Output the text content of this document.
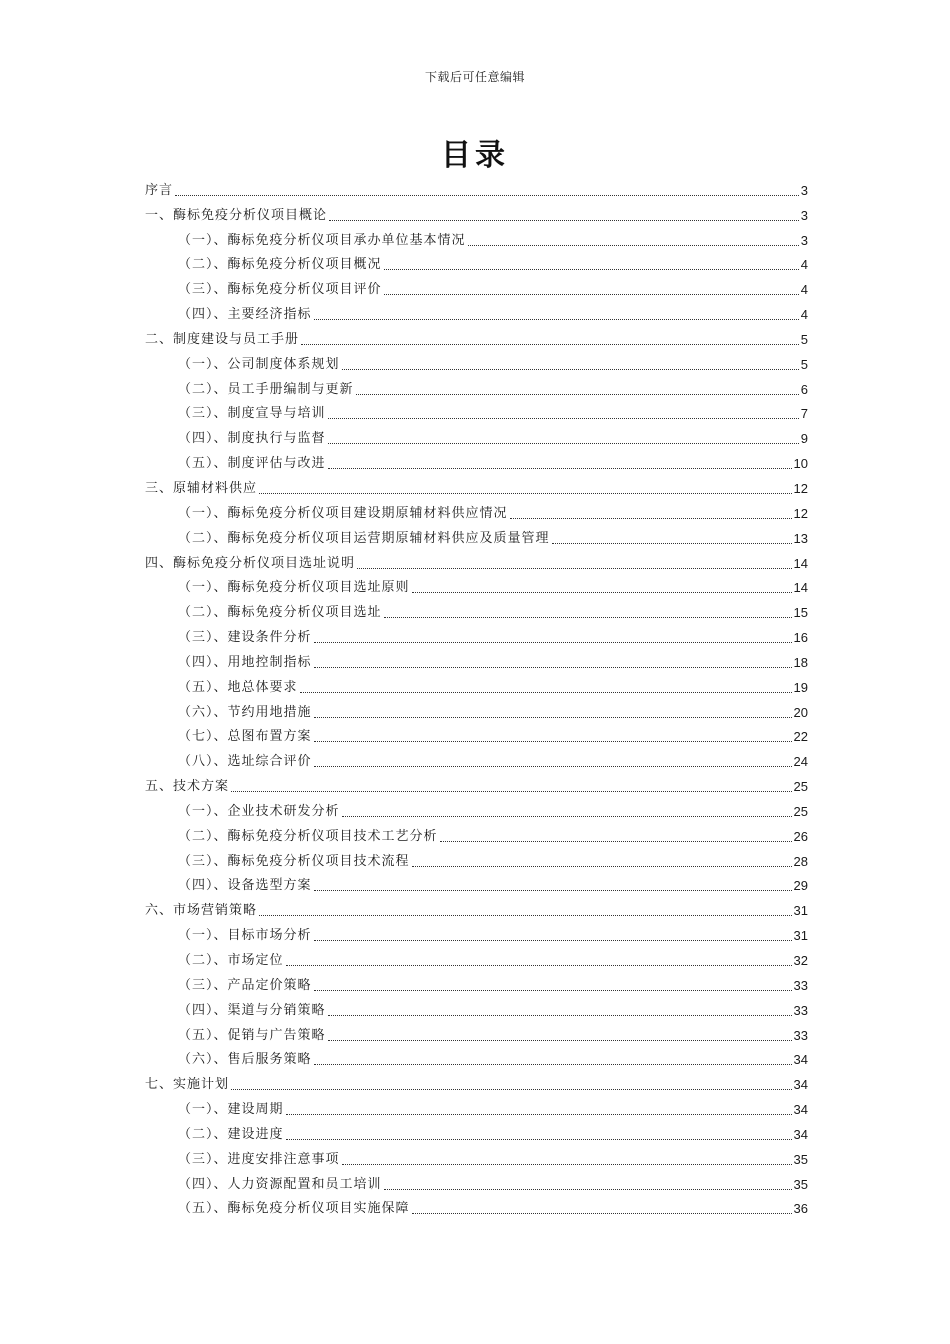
下载后可任意编辑
目录
序言	3
一、酶标免疫分析仪项目概论	3
（一）、酶标免疫分析仪项目承办单位基本情况	3
（二）、酶标免疫分析仪项目概况	4
（三）、酶标免疫分析仪项目评价	4
（四）、主要经济指标	4
二、制度建设与员工手册	5
（一）、公司制度体系规划	5
（二）、员工手册编制与更新	6
（三）、制度宣导与培训	7
（四）、制度执行与监督	9
（五）、制度评估与改进	10
三、原辅材料供应	12
（一）、酶标免疫分析仪项目建设期原辅材料供应情况	12
（二）、酶标免疫分析仪项目运营期原辅材料供应及质量管理	13
四、酶标免疫分析仪项目选址说明	14
（一）、酶标免疫分析仪项目选址原则	14
（二）、酶标免疫分析仪项目选址	15
（三）、建设条件分析	16
（四）、用地控制指标	18
（五）、地总体要求	19
（六）、节约用地措施	20
（七）、总图布置方案	22
（八）、选址综合评价	24
五、技术方案	25
（一）、企业技术研发分析	25
（二）、酶标免疫分析仪项目技术工艺分析	26
（三）、酶标免疫分析仪项目技术流程	28
（四）、设备选型方案	29
六、市场营销策略	31
（一）、目标市场分析	31
（二）、市场定位	32
（三）、产品定价策略	33
（四）、渠道与分销策略	33
（五）、促销与广告策略	33
（六）、售后服务策略	34
七、实施计划	34
（一）、建设周期	34
（二）、建设进度	34
（三）、进度安排注意事项	35
（四）、人力资源配置和员工培训	35
（五）、酶标免疫分析仪项目实施保障	36
